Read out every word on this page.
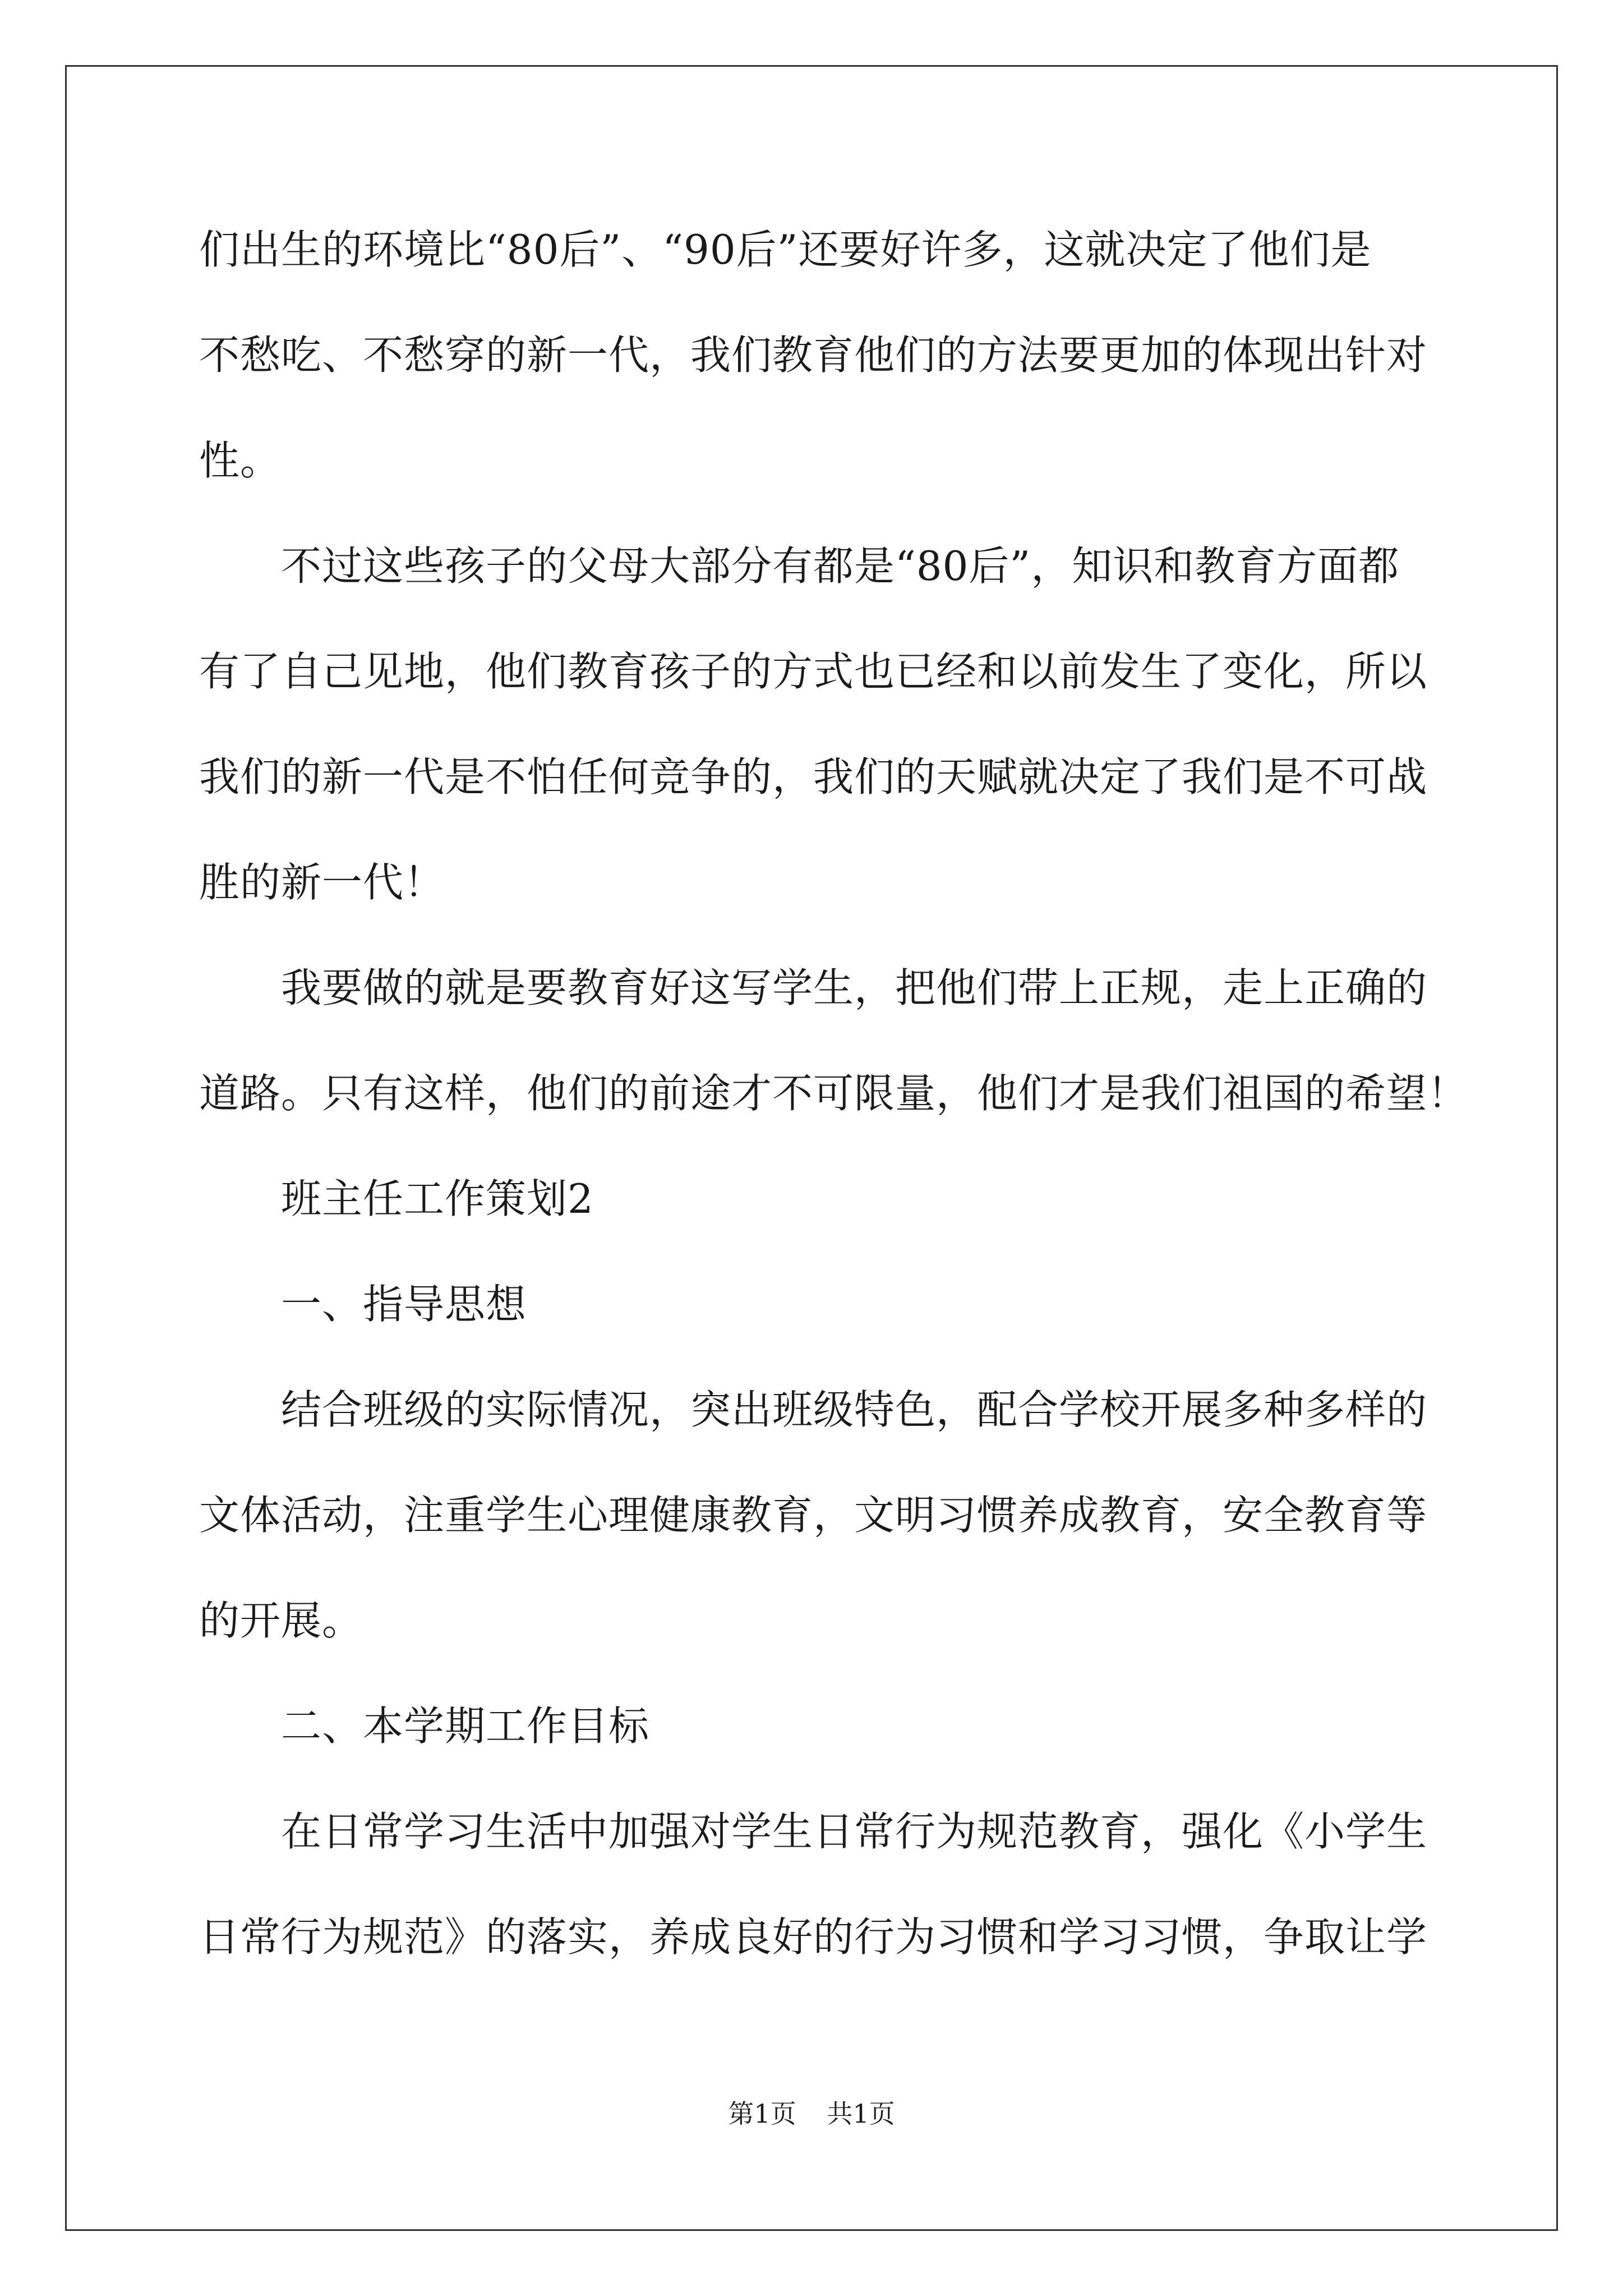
们出生的环境比“80后”、“90后”还要好许多，这就决定了他们是
不愁吃、不愁穿的新一代，我们教育他们的方法要更加的体现出针对
性。
　　不过这些孩子的父母大部分有都是“80后”，知识和教育方面都
有了自己见地，他们教育孩子的方式也已经和以前发生了变化，所以
我们的新一代是不怕任何竞争的，我们的天赋就决定了我们是不可战
胜的新一代！
　　我要做的就是要教育好这写学生，把他们带上正规，走上正确的
道路。只有这样，他们的前途才不可限量，他们才是我们祖国的希望！
　　班主任工作策划2
　　一、指导思想
　　结合班级的实际情况，突出班级特色，配合学校开展多种多样的
文体活动，注重学生心理健康教育，文明习惯养成教育，安全教育等
的开展。
　　二、本学期工作目标
　　在日常学习生活中加强对学生日常行为规范教育，强化《小学生
日常行为规范》的落实，养成良好的行为习惯和学习习惯，争取让学
第1页 共1页
